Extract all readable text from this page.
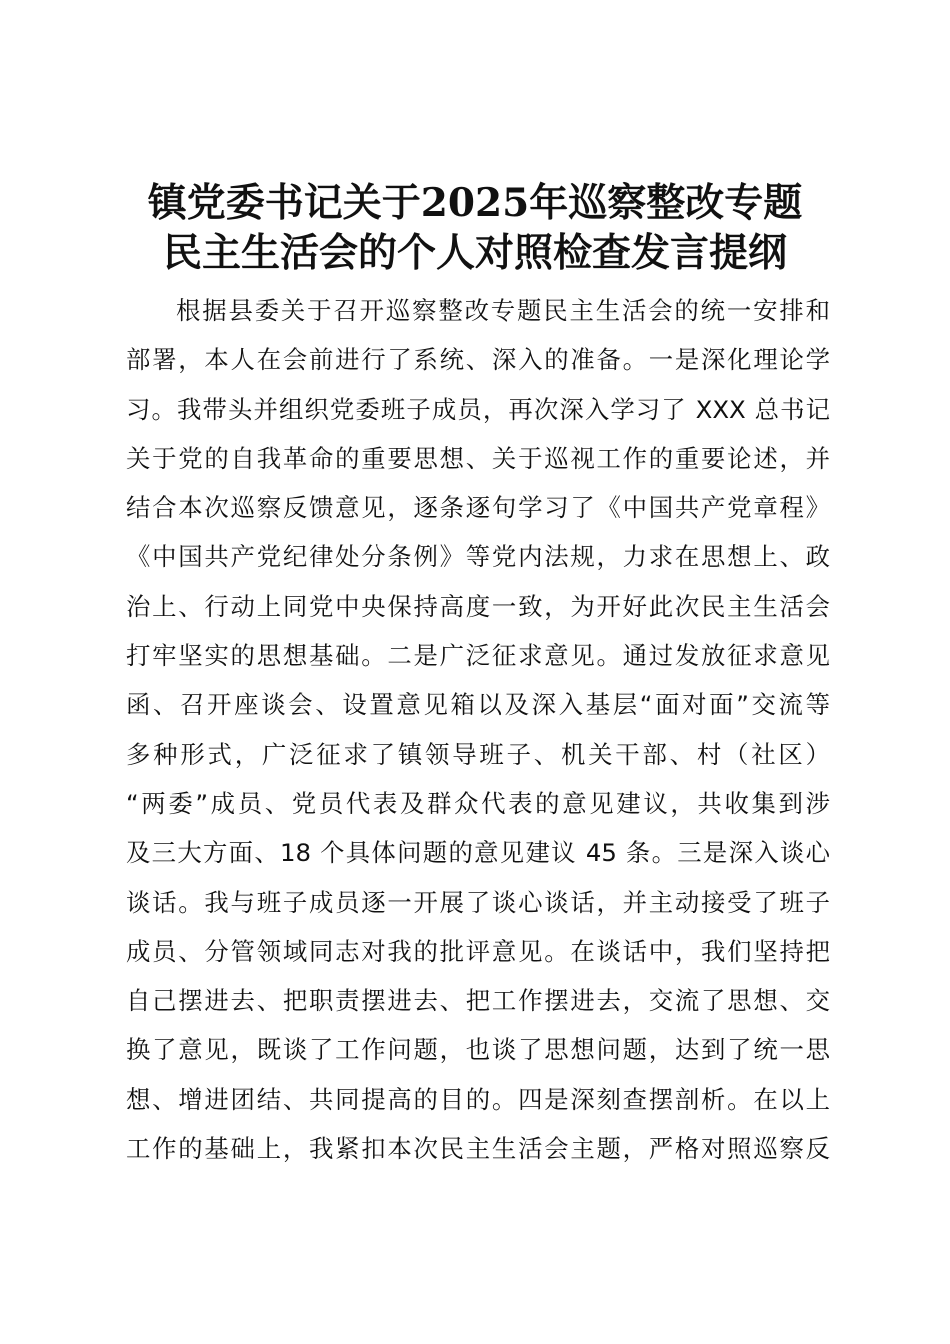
镇党委书记关于2025年巡察整改专题
民主生活会的个人对照检查发言提纲
根据县委关于召开巡察整改专题民主生活会的统一安排和
部署，本人在会前进行了系统、深入的准备。一是深化理论学
习。我带头并组织党委班子成员，再次深入学习了 XXX 总书记
关于党的自我革命的重要思想、关于巡视工作的重要论述，并
结合本次巡察反馈意见，逐条逐句学习了《中国共产党章程》
《中国共产党纪律处分条例》等党内法规，力求在思想上、政
治上、行动上同党中央保持高度一致，为开好此次民主生活会
打牢坚实的思想基础。二是广泛征求意见。通过发放征求意见
函、召开座谈会、设置意见箱以及深入基层“面对面”交流等
多种形式，广泛征求了镇领导班子、机关干部、村（社区）
“两委”成员、党员代表及群众代表的意见建议，共收集到涉
及三大方面、18 个具体问题的意见建议 45 条。三是深入谈心
谈话。我与班子成员逐一开展了谈心谈话，并主动接受了班子
成员、分管领域同志对我的批评意见。在谈话中，我们坚持把
自己摆进去、把职责摆进去、把工作摆进去，交流了思想、交
换了意见，既谈了工作问题，也谈了思想问题，达到了统一思
想、增进团结、共同提高的目的。四是深刻查摆剖析。在以上
工作的基础上，我紧扣本次民主生活会主题，严格对照巡察反
